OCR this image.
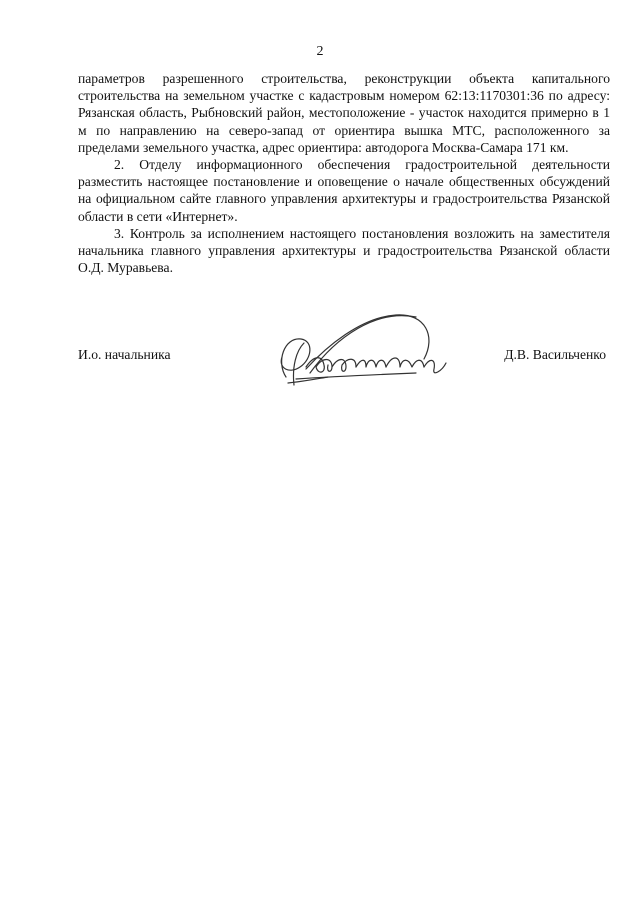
2

параметров разрешенного строительства, реконструкции объекта капитального строительства на земельном участке с кадастровым номером 62:13:1170301:36 по адресу: Рязанская область, Рыбновский район, местоположение - участок находится примерно в 1 м по направлению на северо-запад от ориентира вышка МТС, расположенного за пределами земельного участка, адрес ориентира: автодорога Москва-Самара 171 км.

2. Отделу информационного обеспечения градостроительной деятельности разместить настоящее постановление и оповещение о начале общественных обсуждений на официальном сайте главного управления архитектуры и градостроительства Рязанской области в сети «Интернет».

3. Контроль за исполнением настоящего постановления возложить на заместителя начальника главного управления архитектуры и градостроительства Рязанской области О.Д. Муравьева.

И.о. начальника	Д.В. Васильченко
